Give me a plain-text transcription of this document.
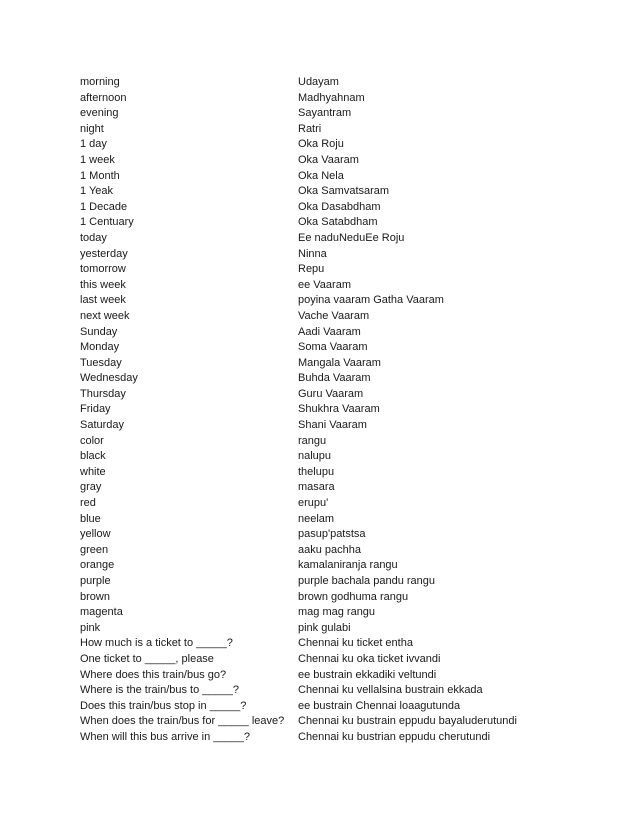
morning	Udayam
afternoon	Madhyahnam
evening	Sayantram
night	Ratri
1 day	Oka Roju
1 week	Oka Vaaram
1 Month	Oka Nela
1 Yeak	Oka Samvatsaram
1 Decade	Oka Dasabdham
1 Centuary	Oka Satabdham
today	Ee naduNeduEe Roju
yesterday	Ninna
tomorrow	Repu
this week	ee Vaaram
last week	poyina vaaram Gatha Vaaram
next week	Vache Vaaram
Sunday	Aadi Vaaram
Monday	Soma Vaaram
Tuesday	Mangala Vaaram
Wednesday	Buhda Vaaram
Thursday	Guru Vaaram
Friday	Shukhra Vaaram
Saturday	Shani Vaaram
color	rangu
black	nalupu
white	thelupu
gray	masara
red	erupu'
blue	neelam
yellow	pasup'patstsa
green	aaku pachha
orange	kamalaniranja rangu
purple	purple bachala pandu rangu
brown	brown godhuma rangu
magenta	mag mag rangu
pink	pink gulabi
How much is a ticket to _____?	Chennai ku ticket entha
One ticket to _____, please	Chennai ku oka ticket ivvandi
Where does this train/bus go?	ee bustrain ekkadiki veltundi
Where is the train/bus to _____?	Chennai ku vellalsina bustrain ekkada
Does this train/bus stop in _____?	ee bustrain Chennai loaagutunda
When does the train/bus for _____ leave?	Chennai ku bustrain eppudu bayaluderutundi
When will this bus arrive in _____?	Chennai ku bustrian eppudu cherutundi
